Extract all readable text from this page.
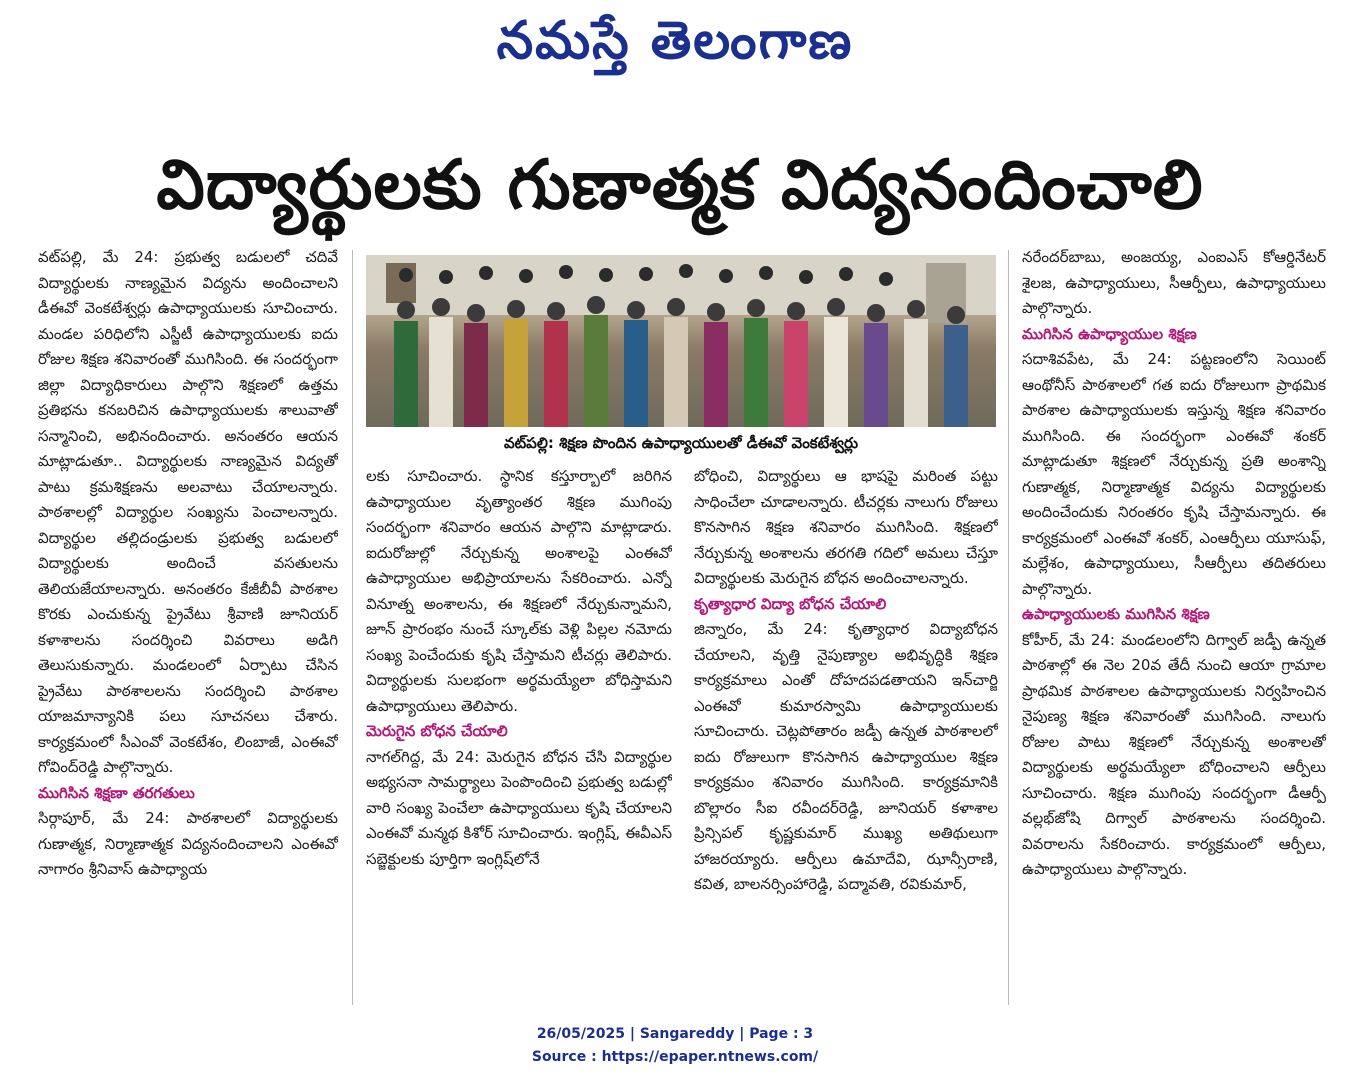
నమస్తే తెలంగాణ
విద్యార్థులకు గుణాత్మక విద్యనందించాలి

వట్‌పల్లి, మే 24: ప్రభుత్వ బడులలో చదివే విద్యార్థులకు నాణ్యమైన విద్యను అందించాలని డీఈవో వెంకటేశ్వర్లు ఉపాధ్యాయులకు సూచించారు. మండల పరిధిలోని ఎస్జీటీ ఉపాధ్యాయులకు ఐదు రోజుల శిక్షణ శనివారంతో ముగిసింది. ఈ సందర్భంగా జిల్లా విద్యాధికారులు పాల్గొని శిక్షణలో ఉత్తమ ప్రతిభను కనబరిచిన ఉపాధ్యాయులకు శాలువాతో సన్మానించి, అభినందించారు. అనంతరం ఆయన మాట్లాడుతూ.. విద్యార్థులకు నాణ్యమైన విద్యతో పాటు క్రమశిక్షణను అలవాటు చేయాలన్నారు. పాఠశాలల్లో విద్యార్థుల సంఖ్యను పెంచాలన్నారు. విద్యార్థుల తల్లిదండ్రులకు ప్రభుత్వ బడులలో విద్యార్థులకు అందించే వసతులను తెలియజేయాలన్నారు. అనంతరం కేజీబీవీ పాఠశాల కొరకు ఎంచుకున్న ప్రైవేటు శ్రీవాణి జూనియర్ కళాశాలను సందర్శించి వివరాలు అడిగి తెలుసుకున్నారు. మండలంలో ఏర్పాటు చేసిన ప్రైవేటు పాఠశాలలను సందర్శించి పాఠశాల యాజమాన్యానికి పలు సూచనలు చేశారు. కార్యక్రమంలో సీఎంవో వెంకటేశం, లింబాజీ, ఎంఈవో గోవింద్‌రెడ్డి పాల్గొన్నారు.

ముగిసిన శిక్షణా తరగతులు

సిర్గాపూర్, మే 24: పాఠశాలలో విద్యార్థులకు గుణాత్మక, నిర్మాణాత్మక విద్యనందించాలని ఎంఈవో నాగారం శ్రీనివాస్ ఉపాధ్యాయ

వట్‌పల్లి: శిక్షణ పొందిన ఉపాధ్యాయులతో డీఈవో వెంకటేశ్వర్లు

లకు సూచించారు. స్థానిక కస్తూర్బాలో జరిగిన ఉపాధ్యాయుల వృత్యాంతర శిక్షణ ముగింపు సందర్భంగా శనివారం ఆయన పాల్గొని మాట్లాడారు. ఐదురోజుల్లో నేర్చుకున్న అంశాలపై ఎంఈవో ఉపాధ్యాయుల అభిప్రాయాలను సేకరించారు. ఎన్నో వినూత్న అంశాలను, ఈ శిక్షణలో నేర్చుకున్నామని, జూన్ ప్రారంభం నుంచే స్కూల్‌కు వెళ్లి పిల్లల నమోదు సంఖ్య పెంచేందుకు కృషి చేస్తామని టీచర్లు తెలిపారు. విద్యార్థులకు సులభంగా అర్థమయ్యేలా బోధిస్తామని ఉపాధ్యాయులు తెలిపారు.

మెరుగైన బోధన చేయాలి

నాగల్‌గిద్ద, మే 24: మెరుగైన బోధన చేసి విద్యార్థుల అభ్యసనా సామర్థ్యాలు పెంపొందించి ప్రభుత్వ బడుల్లో వారి సంఖ్య పెంచేలా ఉపాధ్యాయులు కృషి చేయాలని ఎంఈవో మన్మథ కిశోర్ సూచించారు. ఇంగ్లిష్, ఈవీఎస్ సబ్జెక్టులకు పూర్తిగా ఇంగ్లిష్‌లోనే

బోధించి, విద్యార్థులు ఆ భాషపై మరింత పట్టు సాధించేలా చూడాలన్నారు. టీచర్లకు నాలుగు రోజులు కొనసాగిన శిక్షణ శనివారం ముగిసింది. శిక్షణలో నేర్చుకున్న అంశాలను తరగతి గదిలో అమలు చేస్తూ విద్యార్థులకు మెరుగైన బోధన అందించాలన్నారు.

కృత్యాధార విద్యా బోధన చేయాలి

జిన్నారం, మే 24: కృత్యాధార విద్యాబోధన చేయాలని, వృత్తి నైపుణ్యాల అభివృద్ధికి శిక్షణ కార్యక్రమాలు ఎంతో దోహదపడతాయని ఇన్‌చార్జి ఎంఈవో కుమారస్వామి ఉపాధ్యాయులకు సూచించారు. చెట్లపోతారం జడ్పీ ఉన్నత పాఠశాలలో ఐదు రోజులుగా కొనసాగిన ఉపాధ్యాయుల శిక్షణ కార్యక్రమం శనివారం ముగిసింది. కార్యక్రమానికి బొల్లారం సీఐ రవీందర్‌రెడ్డి, జూనియర్ కళాశాల ప్రిన్సిపల్ కృష్ణకుమార్ ముఖ్య అతిథులుగా హాజరయ్యారు. ఆర్పీలు ఉమాదేవి, ఝాన్సీరాణి, కవిత, బాలనర్సింహారెడ్డి, పద్మావతి, రవికుమార్,

నరేందర్‌బాబు, అంజయ్య, ఎంఐఎస్ కోఆర్డినేటర్ శైలజ, ఉపాధ్యాయులు, సీఆర్పీలు, ఉపాధ్యాయులు పాల్గొన్నారు.

ముగిసిన ఉపాధ్యాయుల శిక్షణ

సదాశివపేట, మే 24: పట్టణంలోని సెయింట్ ఆంథోనీస్ పాఠశాలలో గత ఐదు రోజులుగా ప్రాథమిక పాఠశాల ఉపాధ్యాయులకు ఇస్తున్న శిక్షణ శనివారం ముగిసింది. ఈ సందర్భంగా ఎంఈవో శంకర్ మాట్లాడుతూ శిక్షణలో నేర్చుకున్న ప్రతి అంశాన్ని గుణాత్మక, నిర్మాణాత్మక విద్యను విద్యార్థులకు అందించేందుకు నిరంతరం కృషి చేస్తామన్నారు. ఈ కార్యక్రమంలో ఎంఈవో శంకర్, ఎంఆర్పీలు యూసుఫ్, మల్లేశం, ఉపాధ్యాయులు, సీఆర్పీలు తదితరులు పాల్గొన్నారు.

ఉపాధ్యాయులకు ముగిసిన శిక్షణ

కోహీర్, మే 24: మండలంలోని దిగ్వాల్ జడ్పీ ఉన్నత పాఠశాల్లో ఈ నెల 20వ తేదీ నుంచి ఆయా గ్రామాల ప్రాథమిక పాఠశాలల ఉపాధ్యాయులకు నిర్వహించిన నైపుణ్య శిక్షణ శనివారంతో ముగిసింది. నాలుగు రోజుల పాటు శిక్షణలో నేర్చుకున్న అంశాలతో విద్యార్థులకు అర్థమయ్యేలా బోధించాలని ఆర్పీలు సూచించారు. శిక్షణ ముగింపు సందర్భంగా డీఆర్పీ వల్లభ్‌జోషి దిగ్వాల్ పాఠశాలను సందర్శించి. వివరాలను సేకరించారు. కార్యక్రమంలో ఆర్పీలు, ఉపాధ్యాయులు పాల్గొన్నారు.

26/05/2025 | Sangareddy | Page : 3
Source : https://epaper.ntnews.com/
